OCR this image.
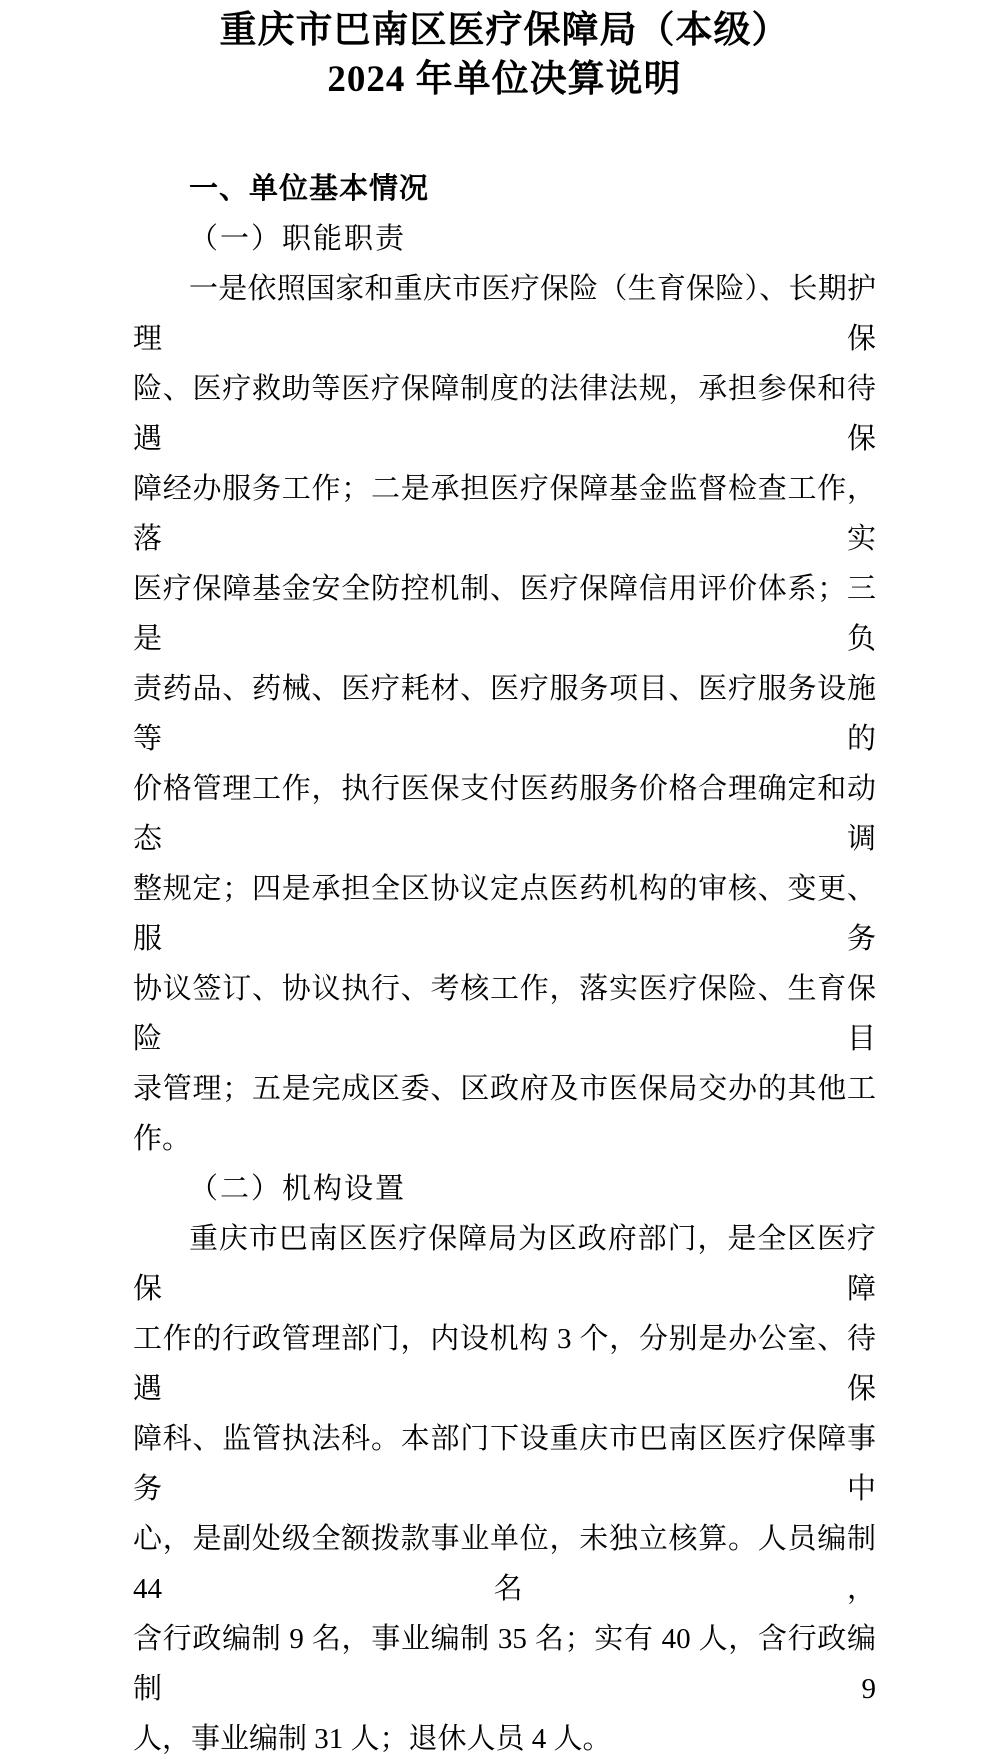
重庆市巴南区医疗保障局（本级）
2024 年单位决算说明
一、单位基本情况
（一）职能职责
一是依照国家和重庆市医疗保险（生育保险）、长期护理保
险、医疗救助等医疗保障制度的法律法规，承担参保和待遇保
障经办服务工作；二是承担医疗保障基金监督检查工作，落实
医疗保障基金安全防控机制、医疗保障信用评价体系；三是负
责药品、药械、医疗耗材、医疗服务项目、医疗服务设施等的
价格管理工作，执行医保支付医药服务价格合理确定和动态调
整规定；四是承担全区协议定点医药机构的审核、变更、服务
协议签订、协议执行、考核工作，落实医疗保险、生育保险目
录管理；五是完成区委、区政府及市医保局交办的其他工作。
（二）机构设置
重庆市巴南区医疗保障局为区政府部门，是全区医疗保障
工作的行政管理部门，内设机构 3 个，分别是办公室、待遇保
障科、监管执法科。本部门下设重庆市巴南区医疗保障事务中
心，是副处级全额拨款事业单位，未独立核算。人员编制 44 名，
含行政编制 9 名，事业编制 35 名；实有 40 人，含行政编制 9
人，事业编制 31 人；退休人员 4 人。
